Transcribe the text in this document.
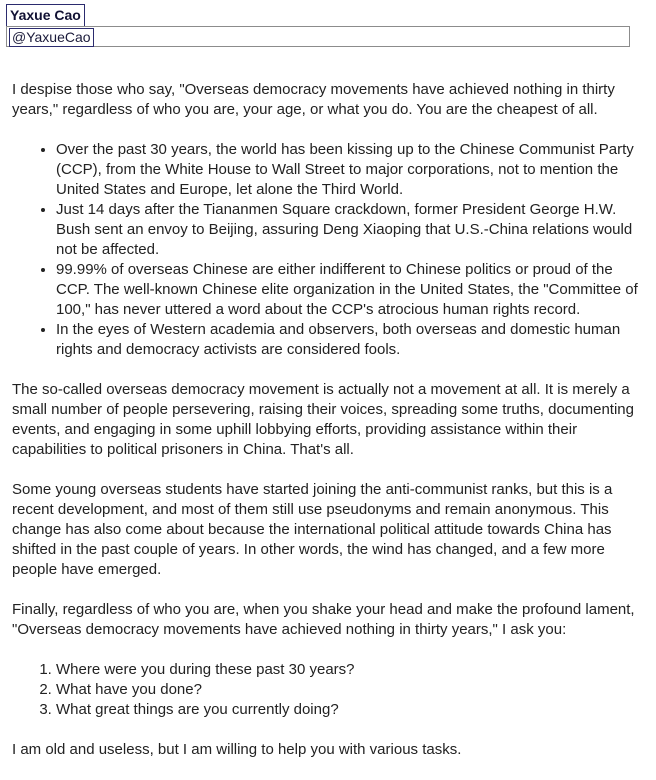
Yaxue Cao
@YaxueCao

I despise those who say, "Overseas democracy movements have achieved nothing in thirty years," regardless of who you are, your age, or what you do. You are the cheapest of all.

• Over the past 30 years, the world has been kissing up to the Chinese Communist Party (CCP), from the White House to Wall Street to major corporations, not to mention the United States and Europe, let alone the Third World.
• Just 14 days after the Tiananmen Square crackdown, former President George H.W. Bush sent an envoy to Beijing, assuring Deng Xiaoping that U.S.-China relations would not be affected.
• 99.99% of overseas Chinese are either indifferent to Chinese politics or proud of the CCP. The well-known Chinese elite organization in the United States, the "Committee of 100," has never uttered a word about the CCP's atrocious human rights record.
• In the eyes of Western academia and observers, both overseas and domestic human rights and democracy activists are considered fools.

The so-called overseas democracy movement is actually not a movement at all. It is merely a small number of people persevering, raising their voices, spreading some truths, documenting events, and engaging in some uphill lobbying efforts, providing assistance within their capabilities to political prisoners in China. That's all.

Some young overseas students have started joining the anti-communist ranks, but this is a recent development, and most of them still use pseudonyms and remain anonymous. This change has also come about because the international political attitude towards China has shifted in the past couple of years. In other words, the wind has changed, and a few more people have emerged.

Finally, regardless of who you are, when you shake your head and make the profound lament, "Overseas democracy movements have achieved nothing in thirty years," I ask you:

1. Where were you during these past 30 years?
2. What have you done?
3. What great things are you currently doing?

I am old and useless, but I am willing to help you with various tasks.
